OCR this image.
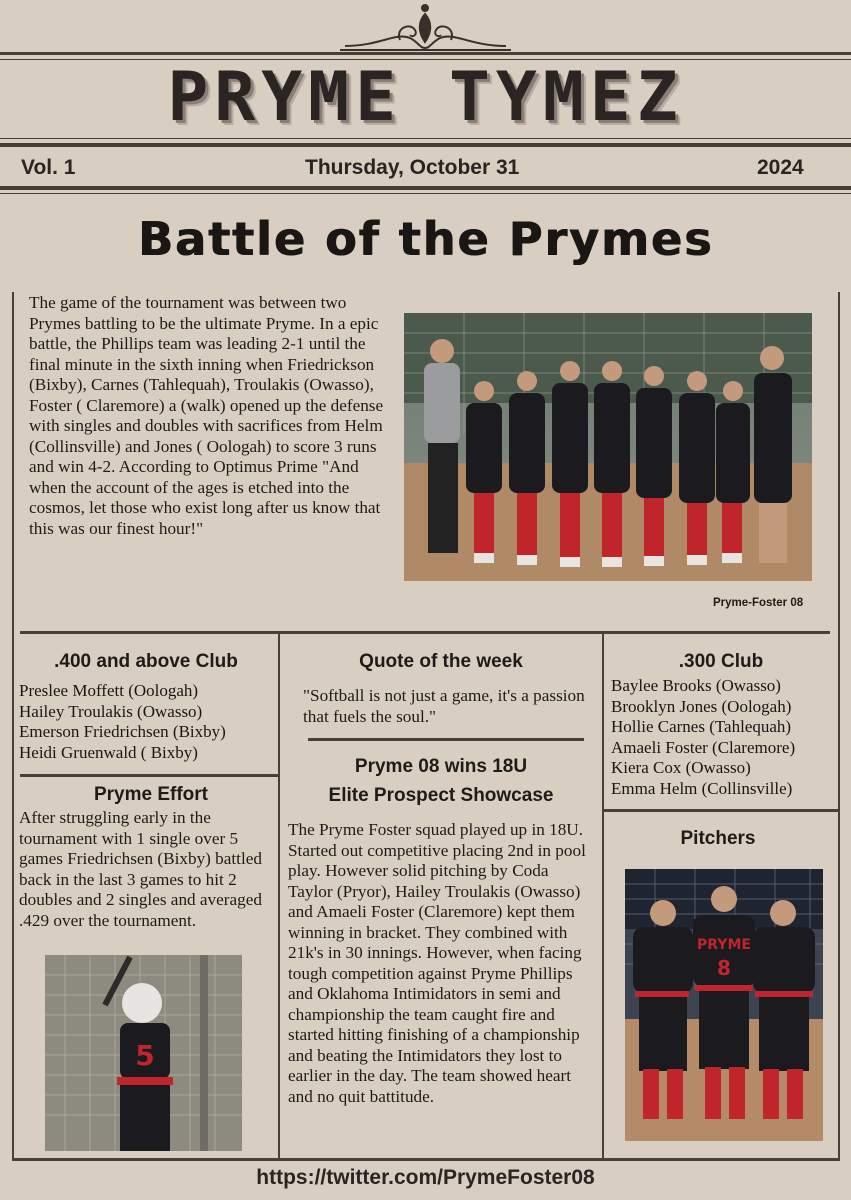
PRYME TYMEZ
Vol. 1	Thursday, October 31	2024
Battle of the Prymes
The game of the tournament was between two Prymes battling to be the ultimate Pryme. In a epic battle, the Phillips team was leading 2-1 until the final minute in the sixth inning when Friedrickson (Bixby), Carnes (Tahlequah), Troulakis (Owasso), Foster ( Claremore) a (walk) opened up the defense with singles and doubles with sacrifices from Helm (Collinsville) and Jones ( Oologah) to score 3 runs and win 4-2. According to Optimus Prime "And when the account of the ages is etched into the cosmos, let those who exist long after us know that this was our finest hour!"
Pryme-Foster 08
.400 and above Club
Preslee Moffett (Oologah)
Hailey Troulakis (Owasso)
Emerson Friedrichsen (Bixby)
Heidi Gruenwald ( Bixby)
Pryme Effort
After struggling early in the tournament with 1 single over 5 games Friedrichsen (Bixby) battled back in the last 3 games to hit 2 doubles and 2 singles and averaged .429 over the tournament.
5
Quote of the week
"Softball is not just a game, it's a passion that fuels the soul."
Pryme 08 wins 18U
Elite Prospect Showcase
The Pryme Foster squad played up in 18U. Started out competitive placing 2nd in pool play. However solid pitching by Coda Taylor (Pryor), Hailey Troulakis (Owasso) and Amaeli Foster (Claremore) kept them winning in bracket. They combined with 21k's in 30 innings. However, when facing tough competition against Pryme Phillips and Oklahoma Intimidators in semi and championship the team caught fire and started hitting finishing of a championship and beating the Intimidators they lost to earlier in the day. The team showed heart and no quit battitude.
.300 Club
Baylee Brooks (Owasso)
Brooklyn Jones (Oologah)
Hollie Carnes (Tahlequah)
Amaeli Foster (Claremore)
Kiera Cox (Owasso)
Emma Helm (Collinsville)
Pitchers
PRYME
8
https://twitter.com/PrymeFoster08
